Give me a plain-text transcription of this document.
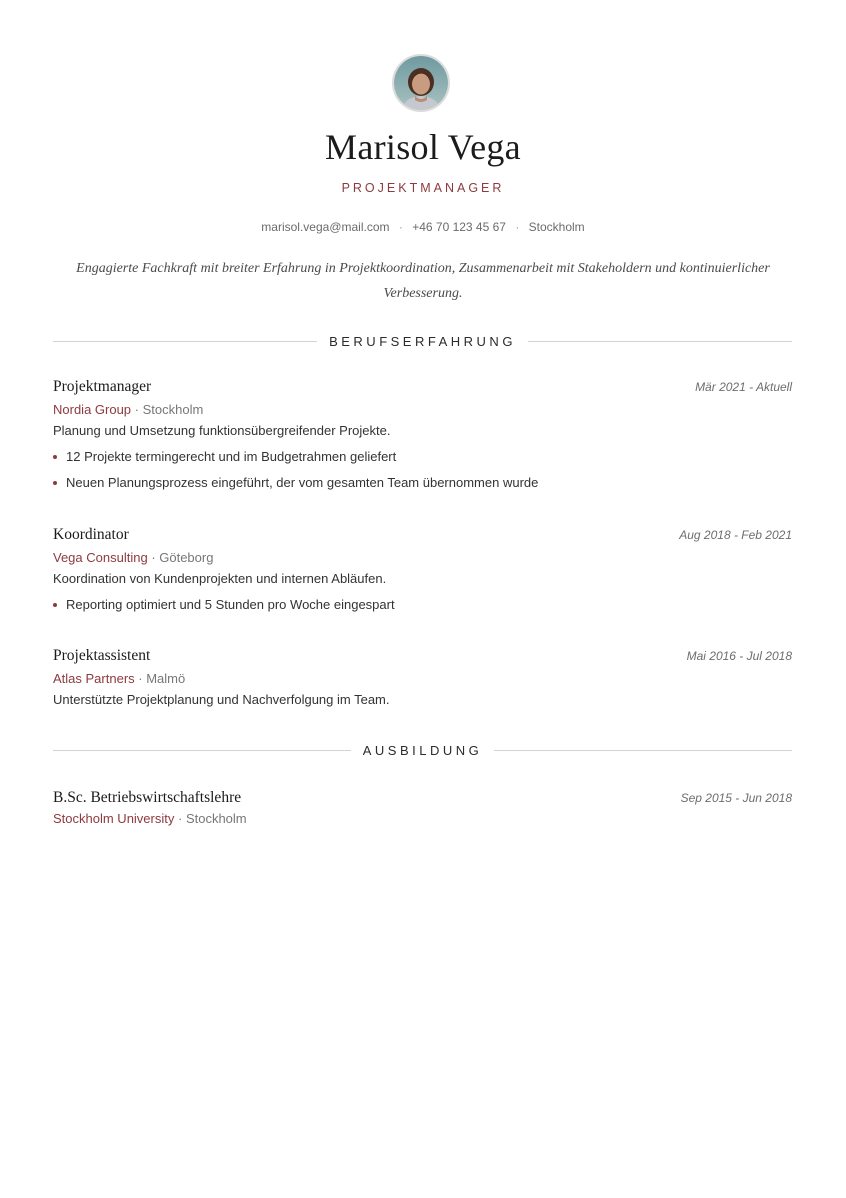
Marisol Vega
PROJEKTMANAGER
marisol.vega@mail.com · +46 70 123 45 67 · Stockholm
Engagierte Fachkraft mit breiter Erfahrung in Projektkoordination, Zusammenarbeit mit Stakeholdern und kontinuierlicher Verbesserung.
BERUFSERFAHRUNG
Projektmanager	Mär 2021 - Aktuell
Nordia Group · Stockholm
Planung und Umsetzung funktionsübergreifender Projekte.
12 Projekte termingerecht und im Budgetrahmen geliefert
Neuen Planungsprozess eingeführt, der vom gesamten Team übernommen wurde
Koordinator	Aug 2018 - Feb 2021
Vega Consulting · Göteborg
Koordination von Kundenprojekten und internen Abläufen.
Reporting optimiert und 5 Stunden pro Woche eingespart
Projektassistent	Mai 2016 - Jul 2018
Atlas Partners · Malmö
Unterstützte Projektplanung und Nachverfolgung im Team.
AUSBILDUNG
B.Sc. Betriebswirtschaftslehre	Sep 2015 - Jun 2018
Stockholm University · Stockholm
